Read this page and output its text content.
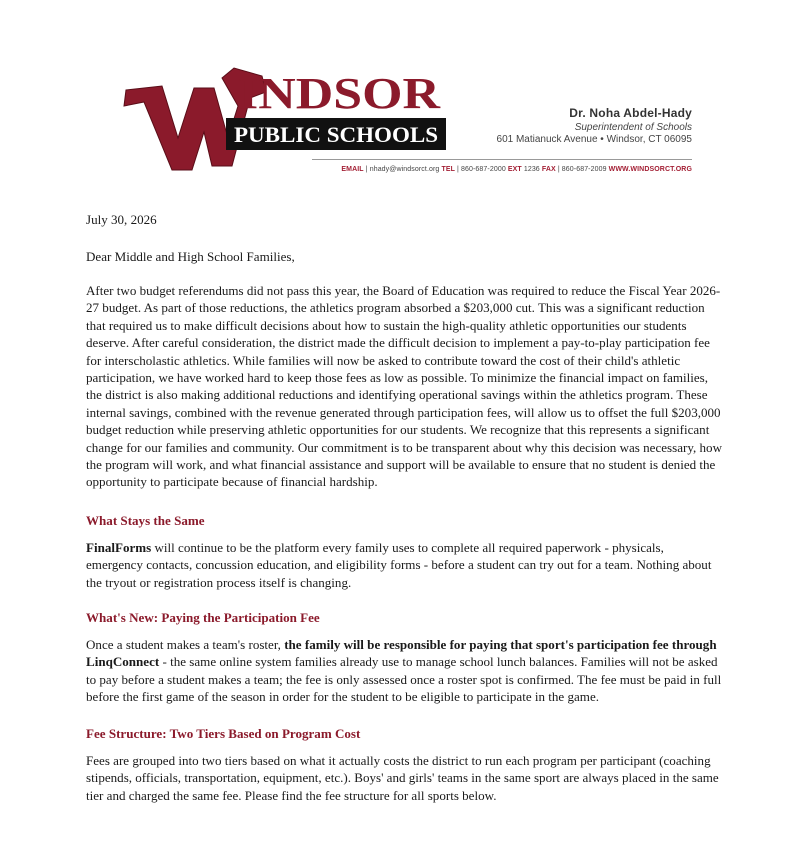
INDSOR
PUBLIC SCHOOLS
Dr. Noha Abdel-Hady
Superintendent of Schools
601 Matianuck Avenue • Windsor, CT 06095
EMAIL | nhady@windsorct.org TEL | 860-687-2000 EXT 1236 FAX | 860-687-2009 WWW.WINDSORCT.ORG

July 30, 2026

Dear Middle and High School Families,

After two budget referendums did not pass this year, the Board of Education was required to reduce the Fiscal Year 2026-27 budget. As part of those reductions, the athletics program absorbed a $203,000 cut. This was a significant reduction that required us to make difficult decisions about how to sustain the high-quality athletic opportunities our students deserve. After careful consideration, the district made the difficult decision to implement a pay-to-play participation fee for interscholastic athletics. While families will now be asked to contribute toward the cost of their child's athletic participation, we have worked hard to keep those fees as low as possible. To minimize the financial impact on families, the district is also making additional reductions and identifying operational savings within the athletics program. These internal savings, combined with the revenue generated through participation fees, will allow us to offset the full $203,000 budget reduction while preserving athletic opportunities for our students. We recognize that this represents a significant change for our families and community. Our commitment is to be transparent about why this decision was necessary, how the program will work, and what financial assistance and support will be available to ensure that no student is denied the opportunity to participate because of financial hardship.

What Stays the Same

FinalForms will continue to be the platform every family uses to complete all required paperwork - physicals, emergency contacts, concussion education, and eligibility forms - before a student can try out for a team. Nothing about the tryout or registration process itself is changing.

What's New: Paying the Participation Fee

Once a student makes a team's roster, the family will be responsible for paying that sport's participation fee through LinqConnect - the same online system families already use to manage school lunch balances. Families will not be asked to pay before a student makes a team; the fee is only assessed once a roster spot is confirmed. The fee must be paid in full before the first game of the season in order for the student to be eligible to participate in the game.

Fee Structure: Two Tiers Based on Program Cost

Fees are grouped into two tiers based on what it actually costs the district to run each program per participant (coaching stipends, officials, transportation, equipment, etc.). Boys' and girls' teams in the same sport are always placed in the same tier and charged the same fee. Please find the fee structure for all sports below.
